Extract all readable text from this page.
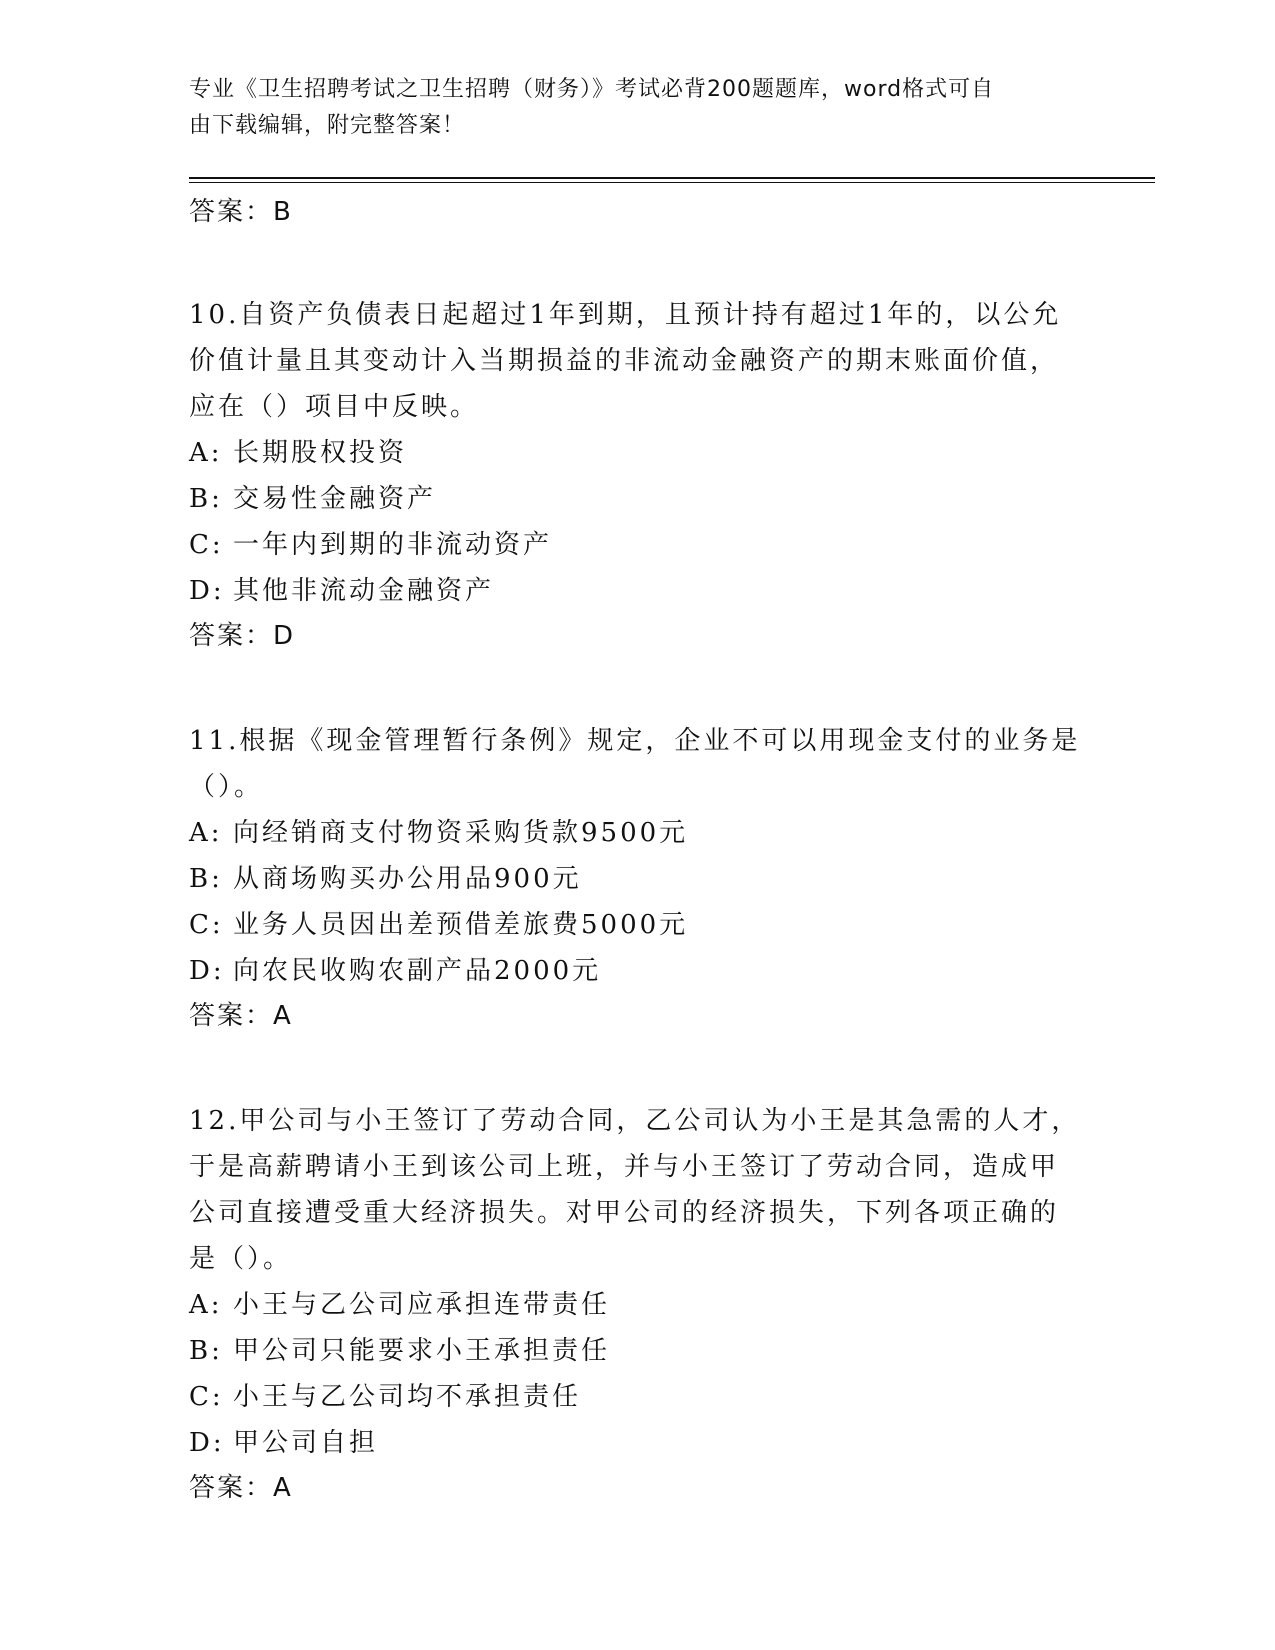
专业《卫生招聘考试之卫生招聘（财务）》考试必背200题题库，word格式可自
由下载编辑，附完整答案！
答案：B
10.自资产负债表日起超过1年到期，且预计持有超过1年的，以公允
价值计量且其变动计入当期损益的非流动金融资产的期末账面价值，
应在（）项目中反映。
A: 长期股权投资
B: 交易性金融资产
C: 一年内到期的非流动资产
D: 其他非流动金融资产
答案：D
11.根据《现金管理暂行条例》规定，企业不可以用现金支付的业务是
（）。
A: 向经销商支付物资采购货款9500元
B: 从商场购买办公用品900元
C: 业务人员因出差预借差旅费5000元
D: 向农民收购农副产品2000元
答案：A
12.甲公司与小王签订了劳动合同，乙公司认为小王是其急需的人才，
于是高薪聘请小王到该公司上班，并与小王签订了劳动合同，造成甲
公司直接遭受重大经济损失。对甲公司的经济损失，下列各项正确的
是（）。
A: 小王与乙公司应承担连带责任
B: 甲公司只能要求小王承担责任
C: 小王与乙公司均不承担责任
D: 甲公司自担
答案：A
